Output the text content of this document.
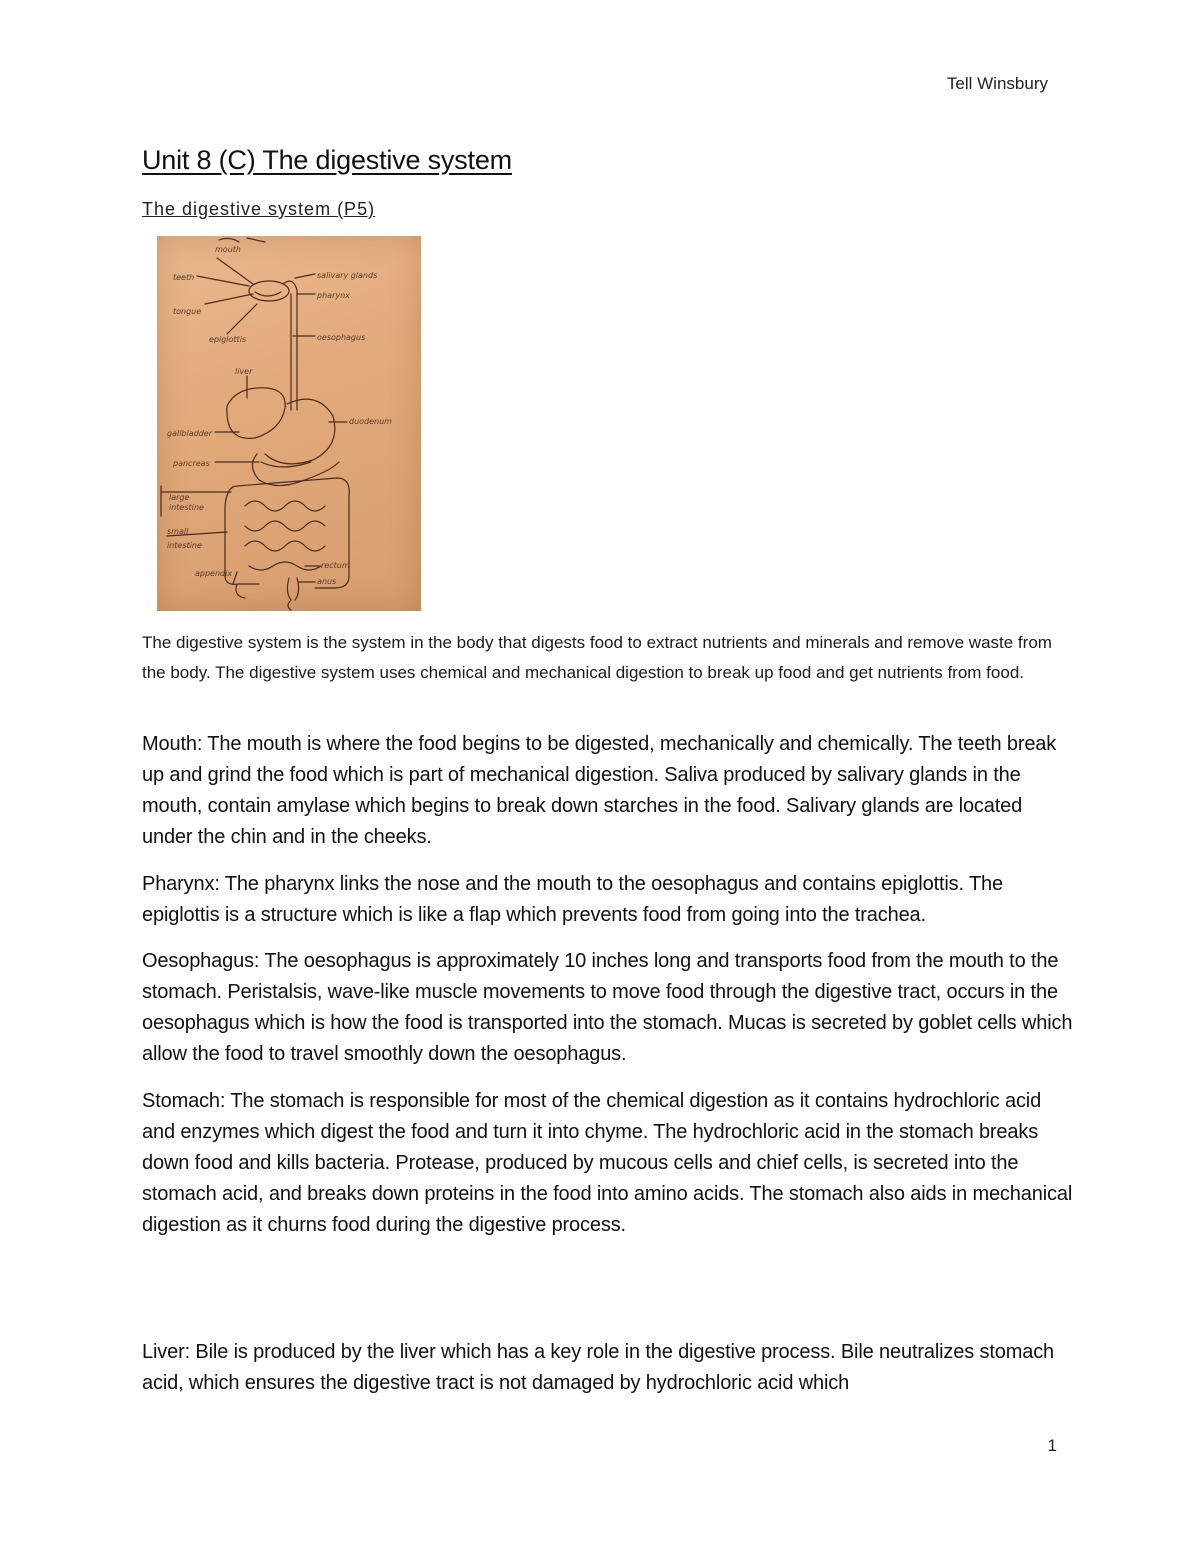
Tell Winsbury
Unit 8 (C) The digestive system
The digestive system (P5)
mouth
teeth
tongue
epiglottis
salivary glands
pharynx
oesophagus
liver
duodenum
gallbladder
pancreas
large
intestine
small
intestine
appendix
rectum
anus

The digestive system is the system in the body that digests food to extract nutrients and minerals and remove waste from the body. The digestive system uses chemical and mechanical digestion to break up food and get nutrients from food.

Mouth: The mouth is where the food begins to be digested, mechanically and chemically. The teeth break up and grind the food which is part of mechanical digestion. Saliva produced by salivary glands in the mouth, contain amylase which begins to break down starches in the food. Salivary glands are located under the chin and in the cheeks.

Pharynx: The pharynx links the nose and the mouth to the oesophagus and contains epiglottis. The epiglottis is a structure which is like a flap which prevents food from going into the trachea.

Oesophagus: The oesophagus is approximately 10 inches long and transports food from the mouth to the stomach. Peristalsis, wave-like muscle movements to move food through the digestive tract, occurs in the oesophagus which is how the food is transported into the stomach. Mucas is secreted by goblet cells which allow the food to travel smoothly down the oesophagus.

Stomach: The stomach is responsible for most of the chemical digestion as it contains hydrochloric acid and enzymes which digest the food and turn it into chyme. The hydrochloric acid in the stomach breaks down food and kills bacteria. Protease, produced by mucous cells and chief cells, is secreted into the stomach acid, and breaks down proteins in the food into amino acids. The stomach also aids in mechanical digestion as it churns food during the digestive process.

Liver: Bile is produced by the liver which has a key role in the digestive process. Bile neutralizes stomach acid, which ensures the digestive tract is not damaged by hydrochloric acid which

1
